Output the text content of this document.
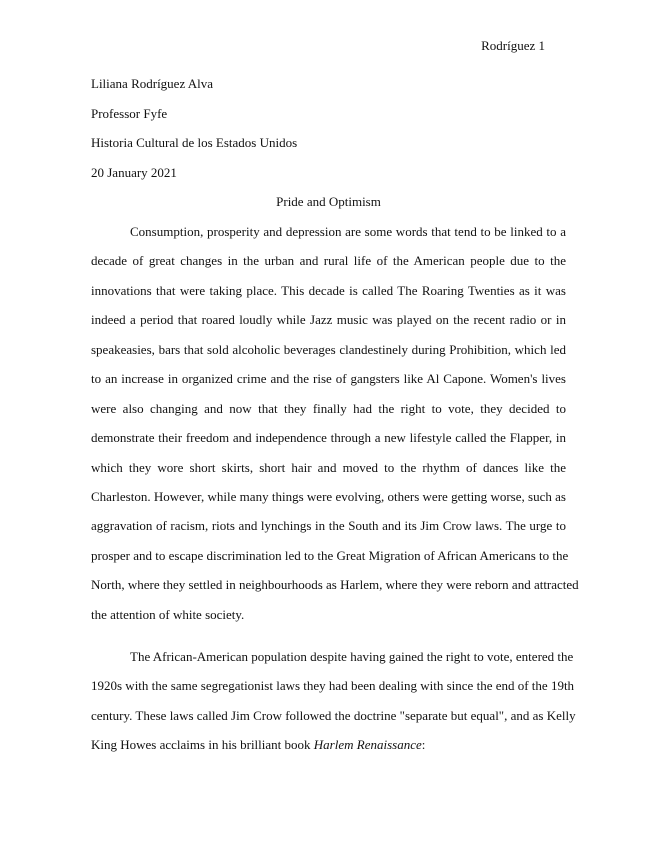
Rodríguez 1
Liliana Rodríguez Alva
Professor Fyfe
Historia Cultural de los Estados Unidos
20 January 2021
Pride and Optimism
Consumption, prosperity and depression are some words that tend to be linked to a
decade of great changes in the urban and rural life of the American people due to the
innovations that were taking place. This decade is called The Roaring Twenties as it was
indeed a period that roared loudly while Jazz music was played on the recent radio or in
speakeasies, bars that sold alcoholic beverages clandestinely during Prohibition, which led
to an increase in organized crime and the rise of gangsters like Al Capone. Women's lives
were also changing and now that they finally had the right to vote, they decided to
demonstrate their freedom and independence through a new lifestyle called the Flapper, in
which they wore short skirts, short hair and moved to the rhythm of dances like the
Charleston. However, while many things were evolving, others were getting worse, such as
aggravation of racism, riots and lynchings in the South and its Jim Crow laws. The urge to
prosper and to escape discrimination led to the Great Migration of African Americans to the
North, where they settled in neighbourhoods as Harlem, where they were reborn and attracted
the attention of white society.
The African-American population despite having gained the right to vote, entered the
1920s with the same segregationist laws they had been dealing with since the end of the 19th
century. These laws called Jim Crow followed the doctrine "separate but equal", and as Kelly
King Howes acclaims in his brilliant book Harlem Renaissance:
